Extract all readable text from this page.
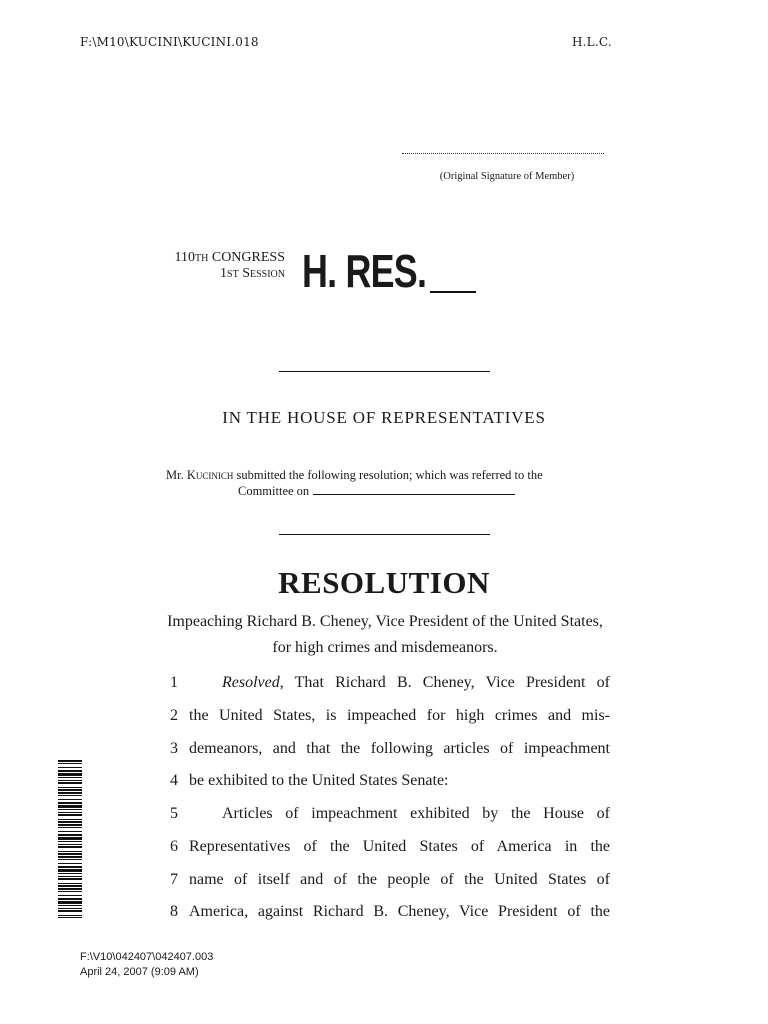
F:\M10\KUCINI\KUCINI.018	H.L.C.
(Original Signature of Member)
110th CONGRESS
1st Session H. RES.
IN THE HOUSE OF REPRESENTATIVES
Mr. Kucinich submitted the following resolution; which was referred to the
Committee on
RESOLUTION
Impeaching Richard B. Cheney, Vice President of the United States, for high crimes and misdemeanors.
1	Resolved, That Richard B. Cheney, Vice President of
2 the United States, is impeached for high crimes and mis-
3 demeanors, and that the following articles of impeachment
4 be exhibited to the United States Senate:
5	Articles of impeachment exhibited by the House of
6 Representatives of the United States of America in the
7 name of itself and of the people of the United States of
8 America, against Richard B. Cheney, Vice President of the
F:\V10\042407\042407.003
April 24, 2007 (9:09 AM)
